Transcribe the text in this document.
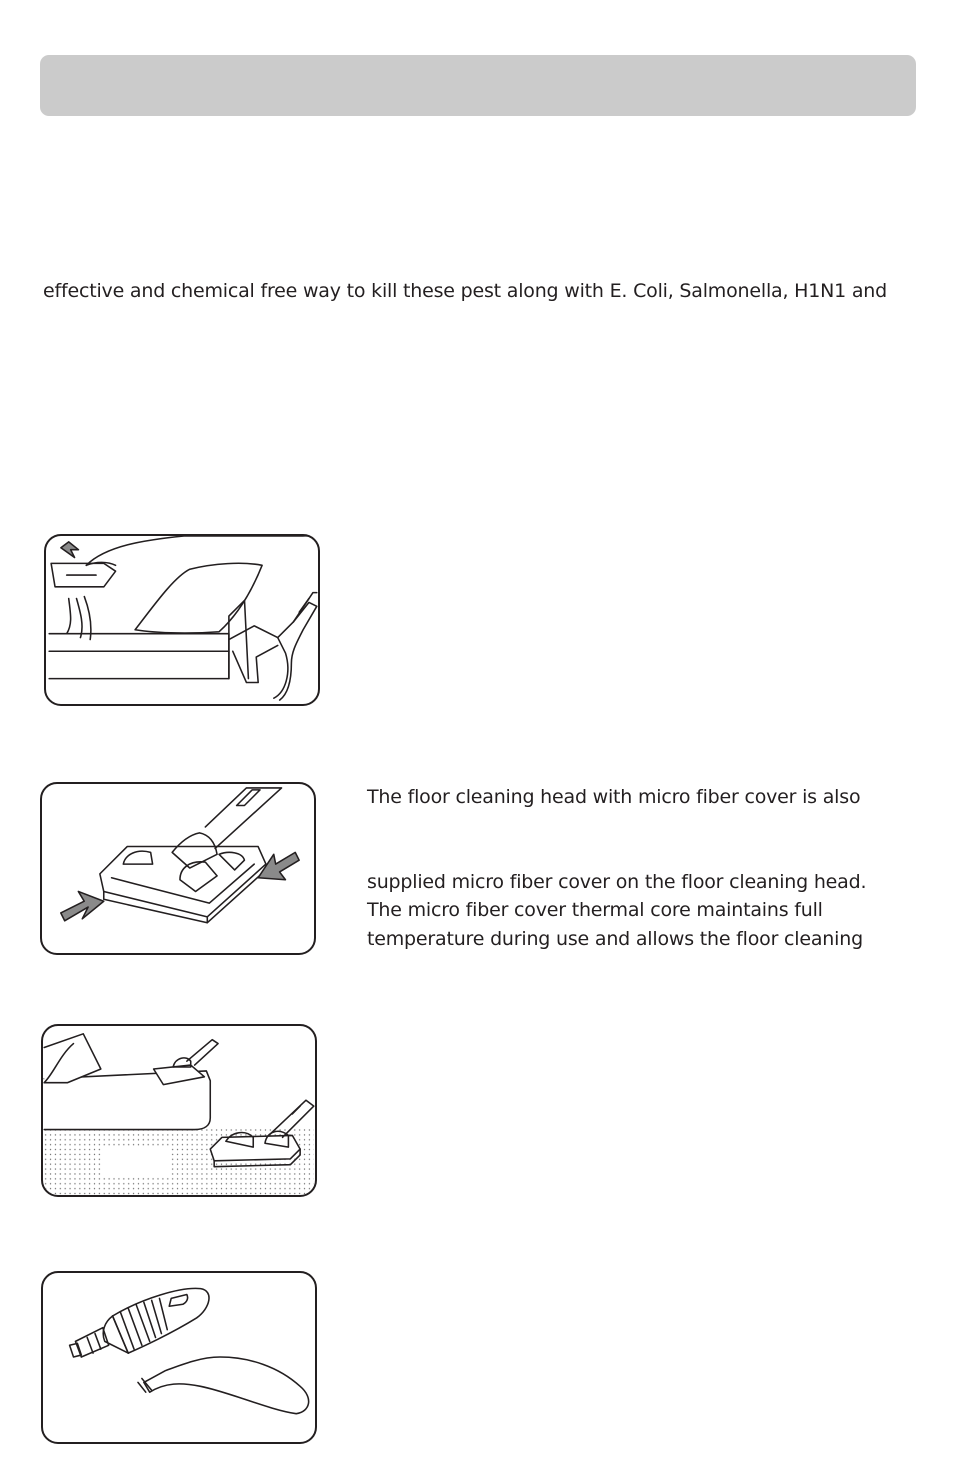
effective and chemical free way to kill these pest along with E. Coli, Salmonella, H1N1 and
The floor cleaning head with micro fiber cover is also
supplied micro fiber cover on the floor cleaning head.
The micro fiber cover thermal core maintains full
temperature during use and allows the floor cleaning
